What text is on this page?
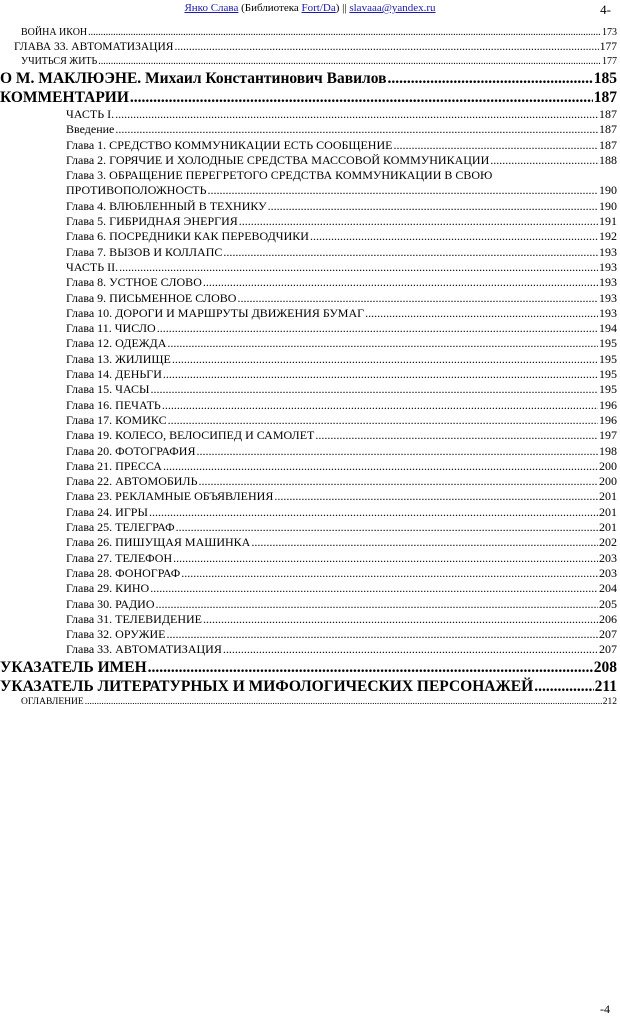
Янко Слава (Библиотека Fort/Da) || slavaaa@yandex.ru	4-
ВОЙНА ИКОН .....	173
ГЛАВА 33. АВТОМАТИЗАЦИЯ .....	177
УЧИТЬСЯ ЖИТЬ .....	177
О М. МАКЛЮЭНЕ. Михаил Константинович Вавилов .....	185
КОММЕНТАРИИ .....	187
ЧАСТЬ I. .....	187
Введение .....	187
Глава 1. СРЕДСТВО КОММУНИКАЦИИ ЕСТЬ СООБЩЕНИЕ .....	187
Глава 2. ГОРЯЧИЕ И ХОЛОДНЫЕ СРЕДСТВА МАССОВОЙ КОММУНИКАЦИИ .....	188
Глава 3. ОБРАЩЕНИЕ ПЕРЕГРЕТОГО СРЕДСТВА КОММУНИКАЦИИ В СВОЮ
ПРОТИВОПОЛОЖНОСТЬ .....	190
Глава 4. ВЛЮБЛЕННЫЙ В ТЕХНИКУ .....	190
Глава 5. ГИБРИДНАЯ ЭНЕРГИЯ .....	191
Глава 6. ПОСРЕДНИКИ КАК ПЕРЕВОДЧИКИ .....	192
Глава 7. ВЫЗОВ И КОЛЛАПС .....	193
ЧАСТЬ II. .....	193
Глава 8. УСТНОЕ СЛОВО .....	193
Глава 9. ПИСЬМЕННОЕ СЛОВО .....	193
Глава 10. ДОРОГИ И МАРШРУТЫ ДВИЖЕНИЯ БУМАГ .....	193
Глава 11. ЧИСЛО .....	194
Глава 12. ОДЕЖДА .....	195
Глава 13. ЖИЛИЩЕ .....	195
Глава 14. ДЕНЬГИ .....	195
Глава 15. ЧАСЫ .....	195
Глава 16. ПЕЧАТЬ .....	196
Глава 17. КОМИКС .....	196
Глава 19. КОЛЕСО, ВЕЛОСИПЕД И САМОЛЕТ .....	197
Глава 20. ФОТОГРАФИЯ .....	198
Глава 21. ПРЕССА .....	200
Глава 22. АВТОМОБИЛЬ .....	200
Глава 23. РЕКЛАМНЫЕ ОБЪЯВЛЕНИЯ .....	201
Глава 24. ИГРЫ .....	201
Глава 25. ТЕЛЕГРАФ .....	201
Глава 26. ПИШУЩАЯ МАШИНКА .....	202
Глава 27. ТЕЛЕФОН .....	203
Глава 28. ФОНОГРАФ .....	203
Глава 29. КИНО .....	204
Глава 30. РАДИО .....	205
Глава 31. ТЕЛЕВИДЕНИЕ .....	206
Глава 32. ОРУЖИЕ .....	207
Глава 33. АВТОМАТИЗАЦИЯ .....	207
УКАЗАТЕЛЬ ИМЕН .....	208
УКАЗАТЕЛЬ ЛИТЕРАТУРНЫХ И МИФОЛОГИЧЕСКИХ ПЕРСОНАЖЕЙ .....	211
ОГЛАВЛЕНИЕ .....	212
-4
